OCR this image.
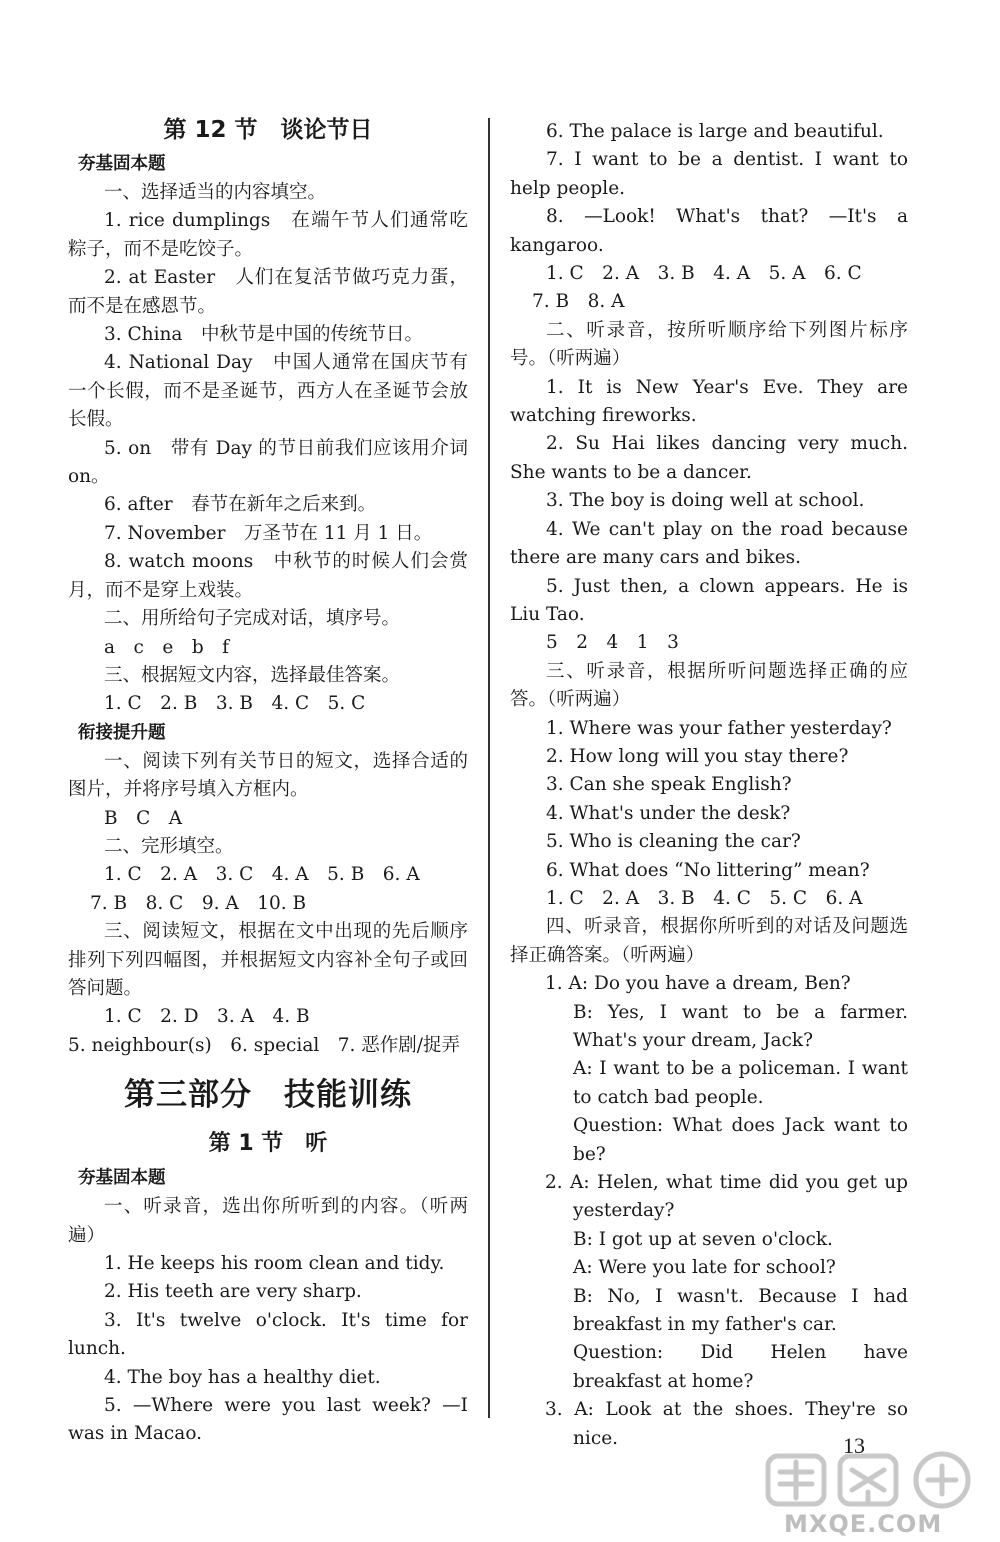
第 12 节　谈论节日
夯基固本题
一、选择适当的内容填空。
1. rice dumplings　在端午节人们通常吃粽子，而不是吃饺子。
2. at Easter　人们在复活节做巧克力蛋，而不是在感恩节。
3. China　中秋节是中国的传统节日。
4. National Day　中国人通常在国庆节有一个长假，而不是圣诞节，西方人在圣诞节会放长假。
5. on　带有 Day 的节日前我们应该用介词 on。
6. after　春节在新年之后来到。
7. November　万圣节在 11 月 1 日。
8. watch moons　中秋节的时候人们会赏月，而不是穿上戏装。
二、用所给句子完成对话，填序号。
a　c　e　b　f
三、根据短文内容，选择最佳答案。
1. C　2. B　3. B　4. C　5. C
衔接提升题
一、阅读下列有关节日的短文，选择合适的图片，并将序号填入方框内。
B　C　A
二、完形填空。
1. C　2. A　3. C　4. A　5. B　6. A
7. B　8. C　9. A　10. B
三、阅读短文，根据在文中出现的先后顺序排列下列四幅图，并根据短文内容补全句子或回答问题。
1. C　2. D　3. A　4. B
5. neighbour(s)　6. special　7. 恶作剧/捉弄
第三部分　技能训练
第 1 节　听
夯基固本题
一、听录音，选出你所听到的内容。（听两遍）
1. He keeps his room clean and tidy.
2. His teeth are very sharp.
3. It's twelve o'clock. It's time for lunch.
4. The boy has a healthy diet.
5. —Where were you last week? —I was in Macao.
6. The palace is large and beautiful.
7. I want to be a dentist. I want to help people.
8. —Look! What's that? —It's a kangaroo.
1. C　2. A　3. B　4. A　5. A　6. C
7. B　8. A
二、听录音，按所听顺序给下列图片标序号。（听两遍）
1. It is New Year's Eve. They are watching fireworks.
2. Su Hai likes dancing very much. She wants to be a dancer.
3. The boy is doing well at school.
4. We can't play on the road because there are many cars and bikes.
5. Just then, a clown appears. He is Liu Tao.
5　2　4　1　3
三、听录音，根据所听问题选择正确的应答。（听两遍）
1. Where was your father yesterday?
2. How long will you stay there?
3. Can she speak English?
4. What's under the desk?
5. Who is cleaning the car?
6. What does “No littering” mean?
1. C　2. A　3. B　4. C　5. C　6. A
四、听录音，根据你所听到的对话及问题选择正确答案。（听两遍）
1. A: Do you have a dream, Ben?
B: Yes, I want to be a farmer. What's your dream, Jack?
A: I want to be a policeman. I want to catch bad people.
Question: What does Jack want to be?
2. A: Helen, what time did you get up yesterday?
B: I got up at seven o'clock.
A: Were you late for school?
B: No, I wasn't. Because I had breakfast in my father's car.
Question: Did Helen have breakfast at home?
3. A: Look at the shoes. They're so nice.	13
MXQE.COM
